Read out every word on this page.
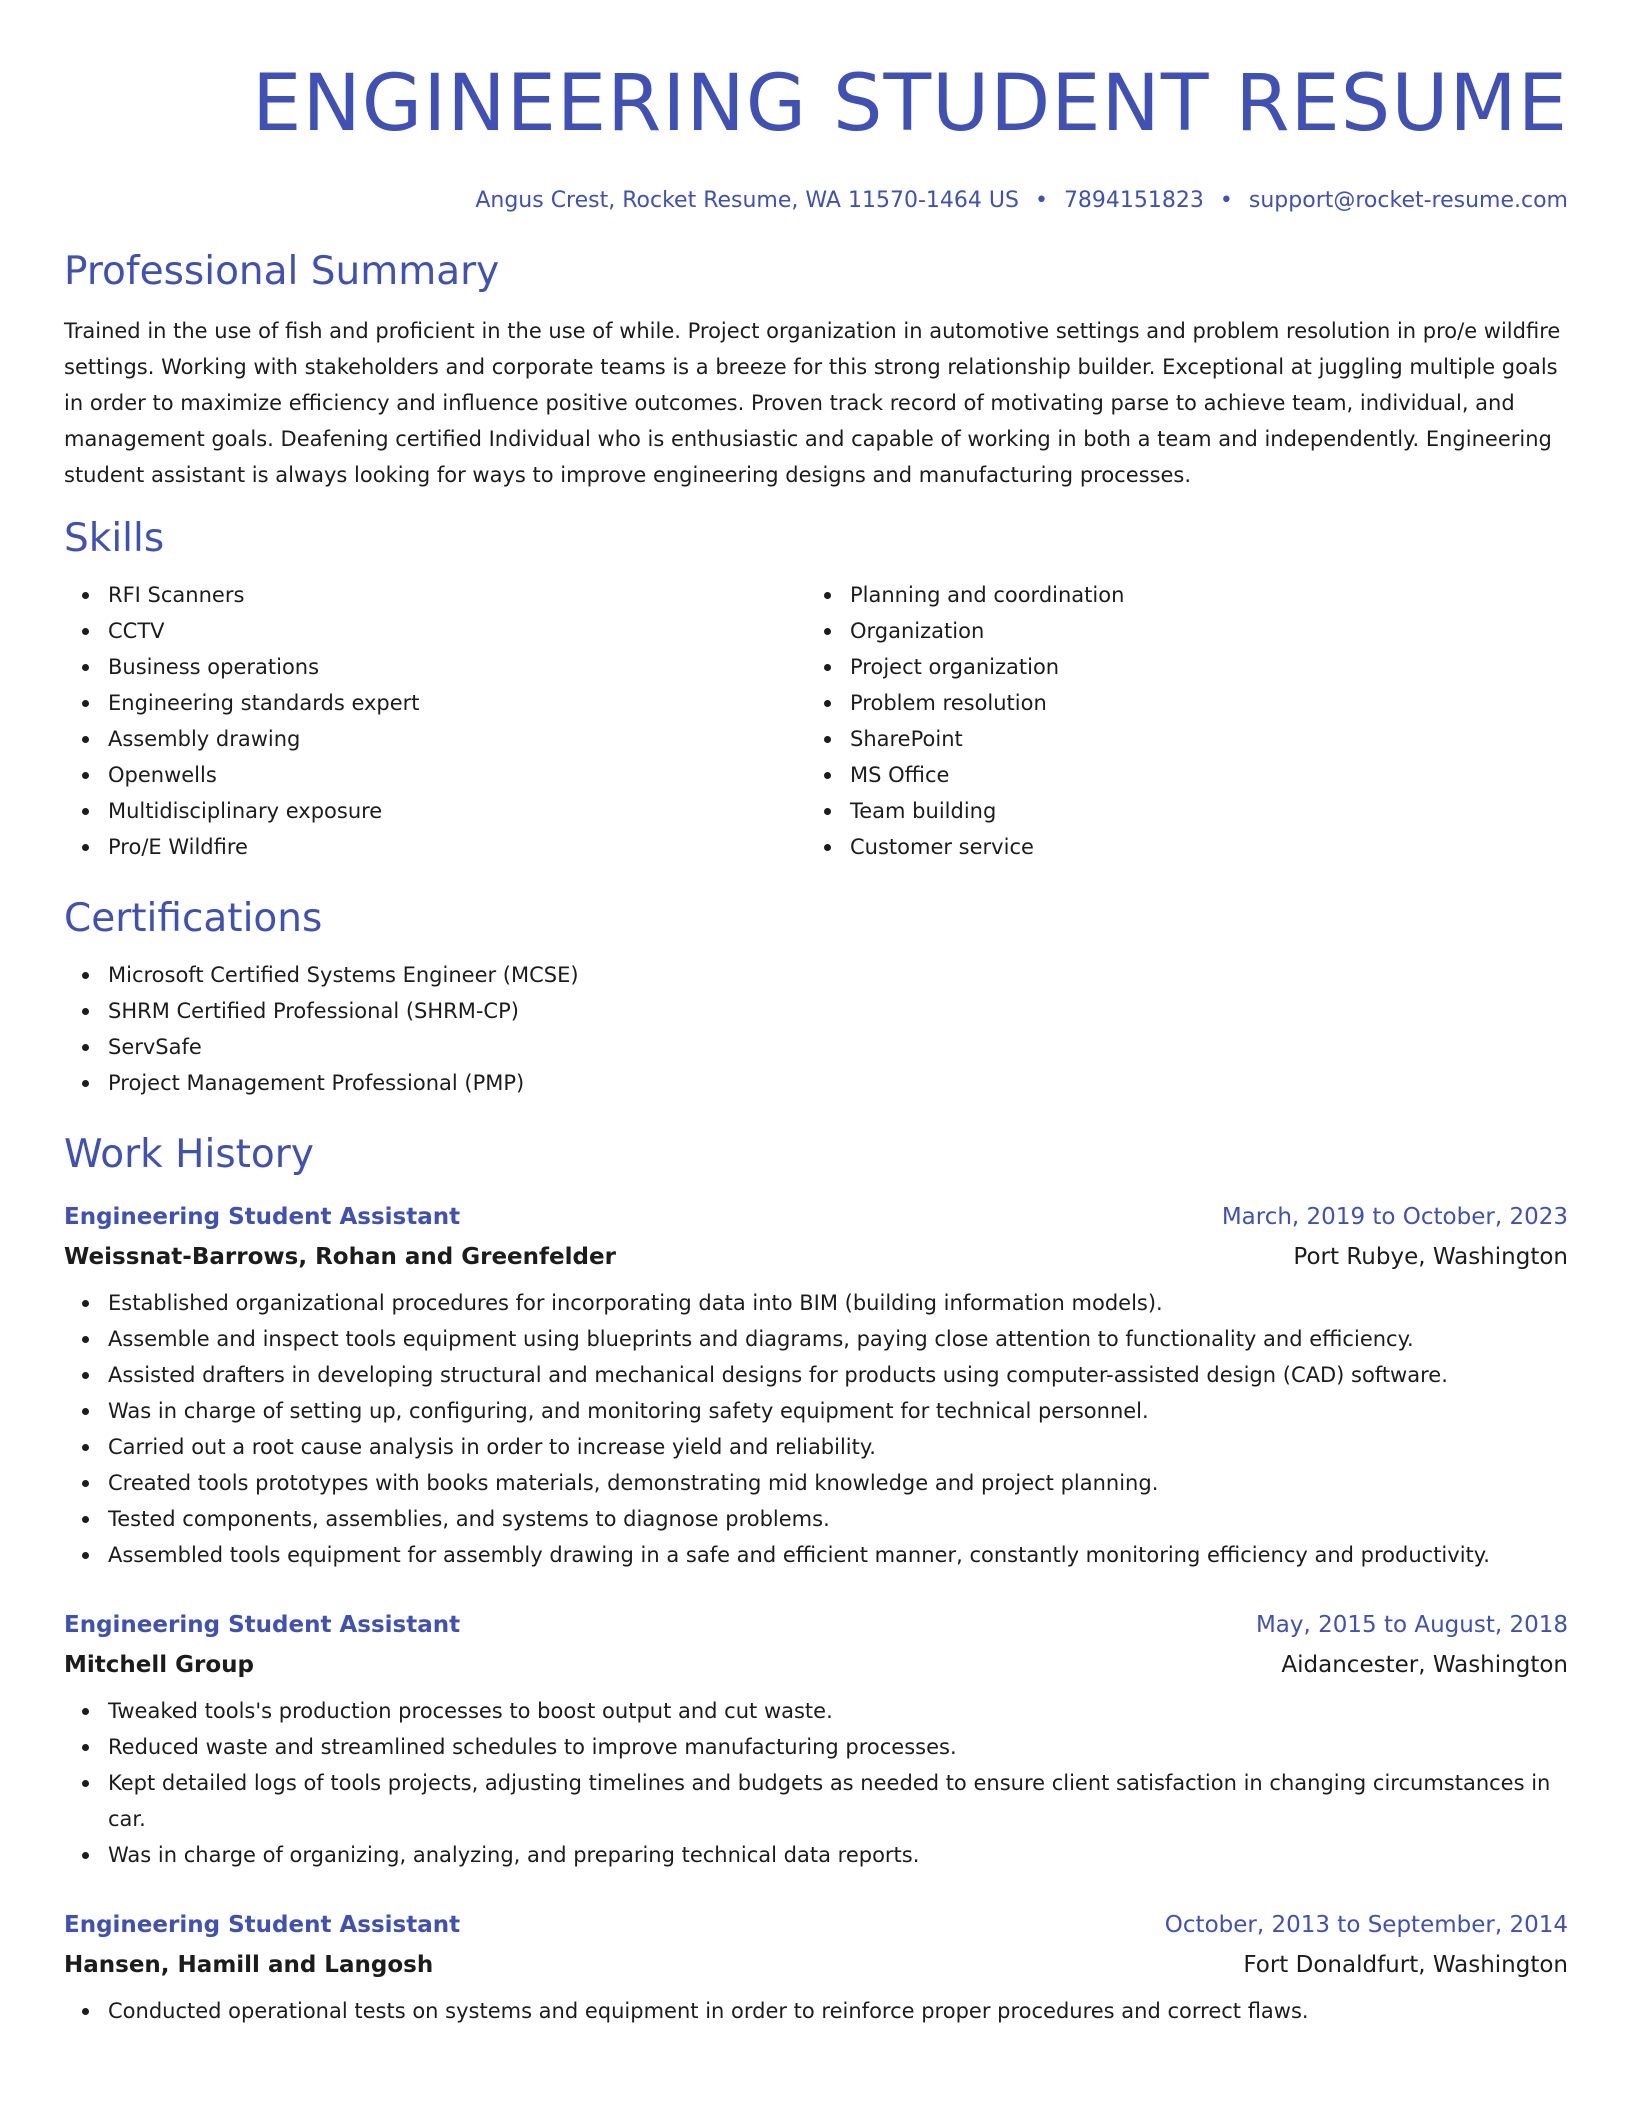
ENGINEERING STUDENT RESUME
Angus Crest, Rocket Resume, WA 11570-1464 US • 7894151823 • support@rocket-resume.com
Professional Summary

Trained in the use of fish and proficient in the use of while. Project organization in automotive settings and problem resolution in pro/e wildfire settings. Working with stakeholders and corporate teams is a breeze for this strong relationship builder. Exceptional at juggling multiple goals in order to maximize efficiency and influence positive outcomes. Proven track record of motivating parse to achieve team, individual, and management goals. Deafening certified Individual who is enthusiastic and capable of working in both a team and independently. Engineering student assistant is always looking for ways to improve engineering designs and manufacturing processes.

Skills
RFI Scanners
CCTV
Business operations
Engineering standards expert
Assembly drawing
Openwells
Multidisciplinary exposure
Pro/E Wildfire
Planning and coordination
Organization
Project organization
Problem resolution
SharePoint
MS Office
Team building
Customer service
Certifications
Microsoft Certified Systems Engineer (MCSE)
SHRM Certified Professional (SHRM-CP)
ServSafe
Project Management Professional (PMP)
Work History
Engineering Student Assistant	March, 2019 to October, 2023
Weissnat-Barrows, Rohan and Greenfelder	Port Rubye, Washington
Established organizational procedures for incorporating data into BIM (building information models).
Assemble and inspect tools equipment using blueprints and diagrams, paying close attention to functionality and efficiency.
Assisted drafters in developing structural and mechanical designs for products using computer-assisted design (CAD) software.
Was in charge of setting up, configuring, and monitoring safety equipment for technical personnel.
Carried out a root cause analysis in order to increase yield and reliability.
Created tools prototypes with books materials, demonstrating mid knowledge and project planning.
Tested components, assemblies, and systems to diagnose problems.
Assembled tools equipment for assembly drawing in a safe and efficient manner, constantly monitoring efficiency and productivity.
Engineering Student Assistant	May, 2015 to August, 2018
Mitchell Group	Aidancester, Washington
Tweaked tools's production processes to boost output and cut waste.
Reduced waste and streamlined schedules to improve manufacturing processes.
Kept detailed logs of tools projects, adjusting timelines and budgets as needed to ensure client satisfaction in changing circumstances in car.
Was in charge of organizing, analyzing, and preparing technical data reports.
Engineering Student Assistant	October, 2013 to September, 2014
Hansen, Hamill and Langosh	Fort Donaldfurt, Washington
Conducted operational tests on systems and equipment in order to reinforce proper procedures and correct flaws.
